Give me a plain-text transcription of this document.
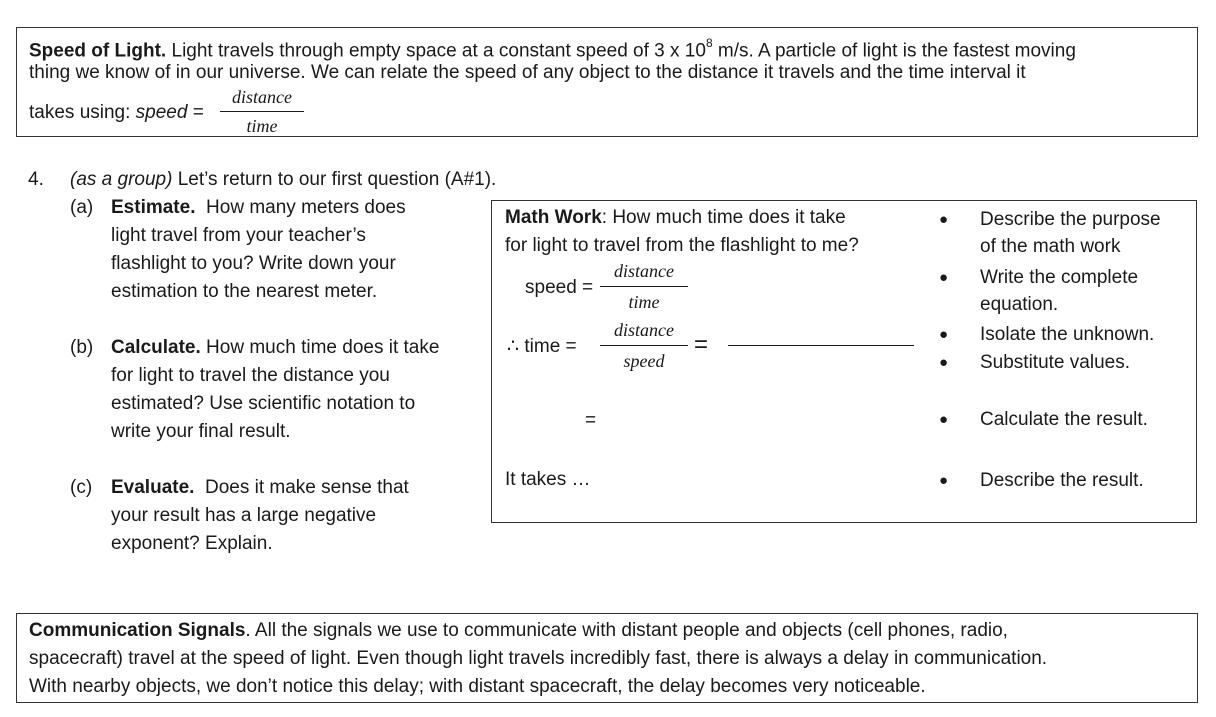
Speed of Light. Light travels through empty space at a constant speed of 3 x $10^8$ m/s. A particle of light is the fastest moving
thing we know of in our universe. We can relate the speed of any object to the distance it travels and the time interval it
takes using: speed =
distance
time
4. (as a group) Let’s return to our first question (A#1).
(a) Estimate. How many meters does
light travel from your teacher’s
flashlight to you? Write down your
estimation to the nearest meter.
(b) Calculate. How much time does it take
for light to travel the distance you
estimated? Use scientific notation to
write your final result.
(c) Evaluate. Does it make sense that
your result has a large negative
exponent? Explain.
Math Work: How much time does it take
for light to travel from the flashlight to me?
speed =
distance
time
∴ time =
distance
speed
=
=
It takes …
● Describe the purpose
of the math work
● Write the complete
equation.
● Isolate the unknown.
● Substitute values.
● Calculate the result.
● Describe the result.
Communication Signals. All the signals we use to communicate with distant people and objects (cell phones, radio,
spacecraft) travel at the speed of light. Even though light travels incredibly fast, there is always a delay in communication.
With nearby objects, we don’t notice this delay; with distant spacecraft, the delay becomes very noticeable.
